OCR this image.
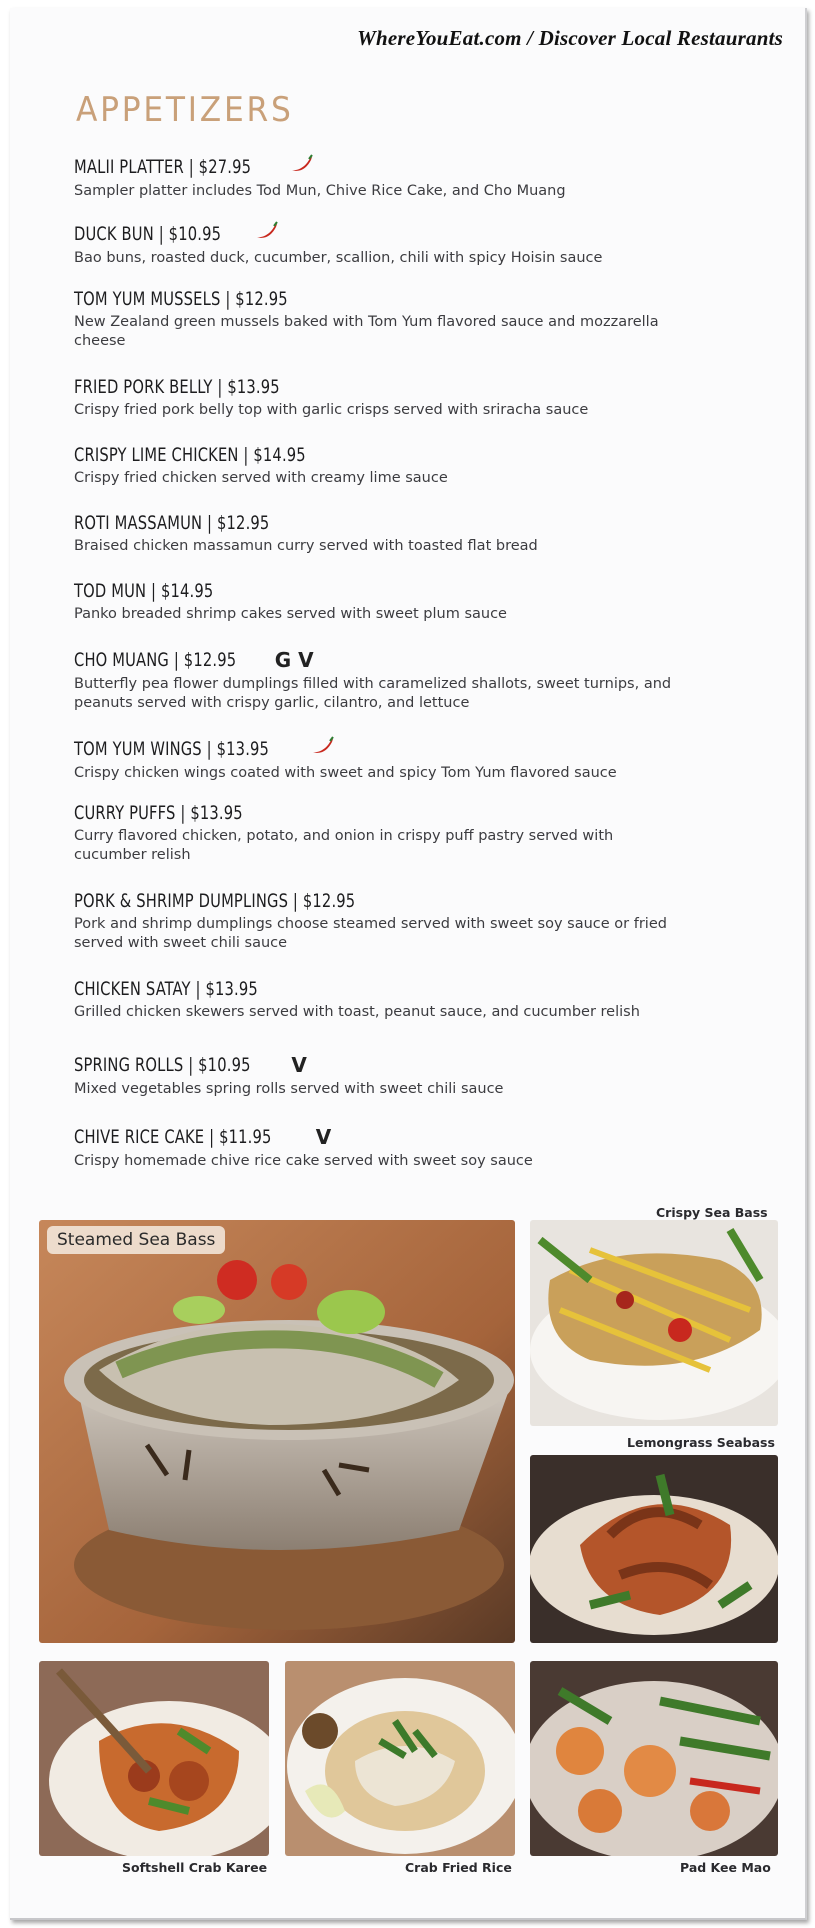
WhereYouEat.com / Discover Local Restaurants
APPETIZERS
MALII PLATTER | $27.95
Sampler platter includes Tod Mun, Chive Rice Cake, and Cho Muang
DUCK BUN | $10.95
Bao buns, roasted duck, cucumber, scallion, chili with spicy Hoisin sauce
TOM YUM MUSSELS | $12.95
New Zealand green mussels baked with Tom Yum flavored sauce and mozzarella cheese
FRIED PORK BELLY | $13.95
Crispy fried pork belly top with garlic crisps served with sriracha sauce
CRISPY LIME CHICKEN | $14.95
Crispy fried chicken served with creamy lime sauce
ROTI MASSAMUN | $12.95
Braised chicken massamun curry served with toasted flat bread
TOD MUN | $14.95
Panko breaded shrimp cakes served with sweet plum sauce
CHO MUANG | $12.95 G V
Butterfly pea flower dumplings filled with caramelized shallots, sweet turnips, and peanuts served with crispy garlic, cilantro, and lettuce
TOM YUM WINGS | $13.95
Crispy chicken wings coated with sweet and spicy Tom Yum flavored sauce
CURRY PUFFS | $13.95
Curry flavored chicken, potato, and onion in crispy puff pastry served with cucumber relish
PORK & SHRIMP DUMPLINGS | $12.95
Pork and shrimp dumplings choose steamed served with sweet soy sauce or fried served with sweet chili sauce
CHICKEN SATAY | $13.95
Grilled chicken skewers served with toast, peanut sauce, and cucumber relish
SPRING ROLLS | $10.95 V
Mixed vegetables spring rolls served with sweet chili sauce
CHIVE RICE CAKE | $11.95 V
Crispy homemade chive rice cake served with sweet soy sauce
Crispy Sea Bass
Steamed Sea Bass
Lemongrass Seabass
Softshell Crab Karee	Crab Fried Rice	Pad Kee Mao
